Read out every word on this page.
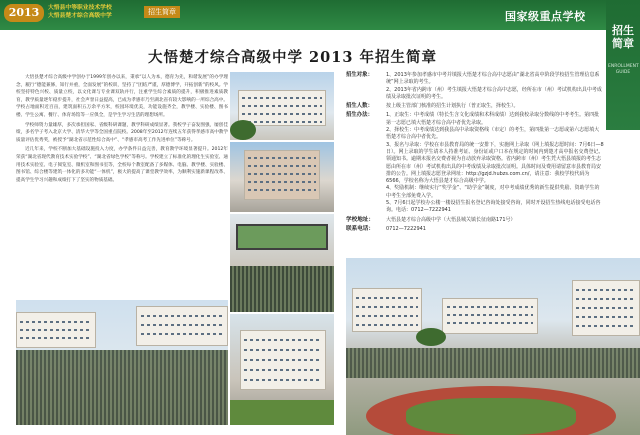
2013	大悟县中等职业技术学校
大悟县楚才综合高级中学	招生简章	国家级重点学校
招生简章
ENROLLMENT GUIDE
大悟楚才综合高级中学 2013 年招生简章

大悟县楚才综合高级中学创办于1999年创办以来，秉承“以人为本，德育为先，和谐发展”的办学理念，履行“德能兼修，知行并重，全面发展”的校训，坚持了“团结严谨，厚德博学，开拓创新”的校风。学校坚持特色兴校、质量立校，以文化课与专业课双轨并行，注重学生综合素质的提升，积极推进素质教育，教学质量逐年稳步提升，社会声誉日益提高，已成为孝感市乃至湖北省有较大影响的一所综合高中。学校占地面积近百亩，建筑面积五万余平方米，校园环境优美，功能设施齐全，教学楼、实验楼、图书楼、学生公寓、餐厅、体育场馆等一应俱全，是学生学习生活的理想场所。

学校师资力量雄厚，多次承担国家、省级科研课题，教学科研成绩显著。我校学子奋发图强，屡创佳绩，多名学子考入北京大学、清华大学等全国重点院校。2008年至2012年连续五年获得孝感市高中教学质量评估优秀奖，被授予“湖北省示范性综合高中”、“孝感市高考工作先进单位”等称号。

近几年来，学校不断加大基础设施投入力度，办学条件日益完善，教育教学环境显著提升。2012年荣获“湖北省现代教育技术实验学校”、“湖北省绿色学校”等称号。学校建立了标准化的理化生实验室、通用技术实验室、电子阅览室、微机室和图书室等，全校每个教室配备了多媒体、电脑。教学楼、实验楼、图书馆、综合楼等建筑一体化的多功能“一体机”，极大的提高了课堂教学效率，为顺利实施新课程改革、提高学生学习兴趣和成绩打下了坚实的物质基础。

招生对象：	1、2013年参加孝感市中考并填报大悟楚才综合高中志愿由“湖北省高中阶段学校招生管理信息系统”网上录取的考生。
2、2013年省内跨市（州）考生填报大悟楚才综合高中志愿，经所在市（州）考试机构出具中考成绩及录取批次证明的考生。
招生人数：	按上级主管部门核准的招生计划执行（普正取生，择校生）。
招生办法：	1、正取生：中考成绩（特长生含文化成绩和术科成绩）达到我校录取分数线的中考考生。第四批第一志愿已填大悟楚才综合高中者优先录取。
2、择校生：中考成绩达到我县高中录取资格线（市定）的考生，第四批第一志愿或第六志愿填大悟楚才综合高中者优先。
3、报名与录取：学校在市县教育局的统一安排下，实施网上录取（网上填报志愿时间：7月6日—8日）。网上录取的学生请本人持准考证、身份证或户口本在规定的时间内到楚才高中报名交费登记、领通知书。逾期未报名交费者视为自动放弃录取资格。省内跨市（州）考生凭大悟县填报的考生志愿由所在市（州）考试机构出具的中考成绩及录取批次证明。具体时间及费用请留意市县教育局安排的公告。网上填报志愿登录网址：http://gzjd.hubzs.com.cn/，请注意：我校学校代码为6566，学校名称为大悟县楚才综合高级中学。
4、奖励机制：继续实行“奖学金”、“助学金”制度，对中考成绩优秀的新生提供奖励、资助学生的中考生全部免费入学。
5、7月6日起学校办公楼一楼设招生报名登记咨询处接受咨询，同时开设招生热线电话接受电话咨询。电话：0712—7222941
学校地址：	大悟县楚才综合高级中学（大悟县城关镇长征南路171号）
联系电话：	0712—7222941
